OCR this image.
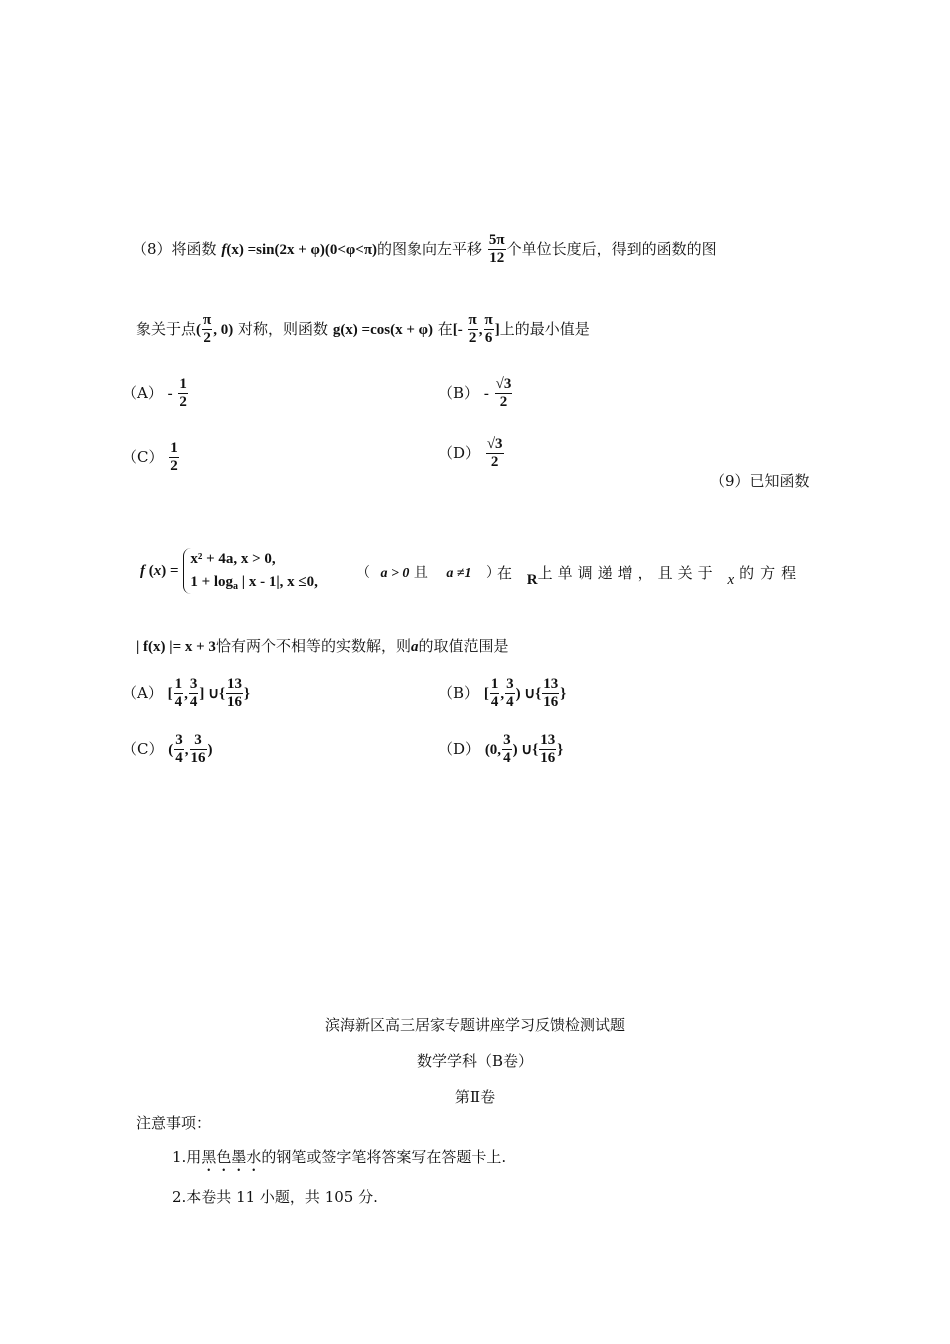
（8）将函数 f(x) =sin(2x + φ)(0<φ<π)的图象向左平移 $\frac{5\pi}{12}$ 个单位长度后，得到的函数的图
象关于点( $\frac{\pi}{2}$ , 0) 对称，则函数 g(x) =cos(x + φ) 在[- $\frac{\pi}{2}$ , $\frac{\pi}{6}$ ]上的最小值是
$(A) - \frac{1}{2}$	$(B) - \frac{√3}{2}$
$(C) \frac{1}{2}$	$(D) \frac{√3}{2}$
（9）已知函数
f (x) =
x² + 4a, x > 0,
$1 + \log_a$ | x - 1|, x ≤0,
（ a > 0 且 a ≠1 ）
在 R上单调递增，且关于 x的方程
| f(x) |= x + 3恰有两个不相等的实数解，则a的取值范围是
（A） [ $\frac{1}{4}$ , $\frac{3}{4}$ ] ∪{ $\frac{13}{16}$ }	（B） [ $\frac{1}{4}$ , $\frac{3}{4}$ ) ∪{ $\frac{13}{16}$ }
（C） ( $\frac{3}{4}$ , $\frac{3}{16}$ )	（D） (0, $\frac{3}{4}$ ) ∪{ $\frac{13}{16}$ }
滨海新区高三居家专题讲座学习反馈检测试题
数学学科（B卷）
第Ⅱ卷
注意事项：
1.用黑色墨水的钢笔或签字笔将答案写在答题卡上.
2.本卷共 11 小题，共 105 分.
